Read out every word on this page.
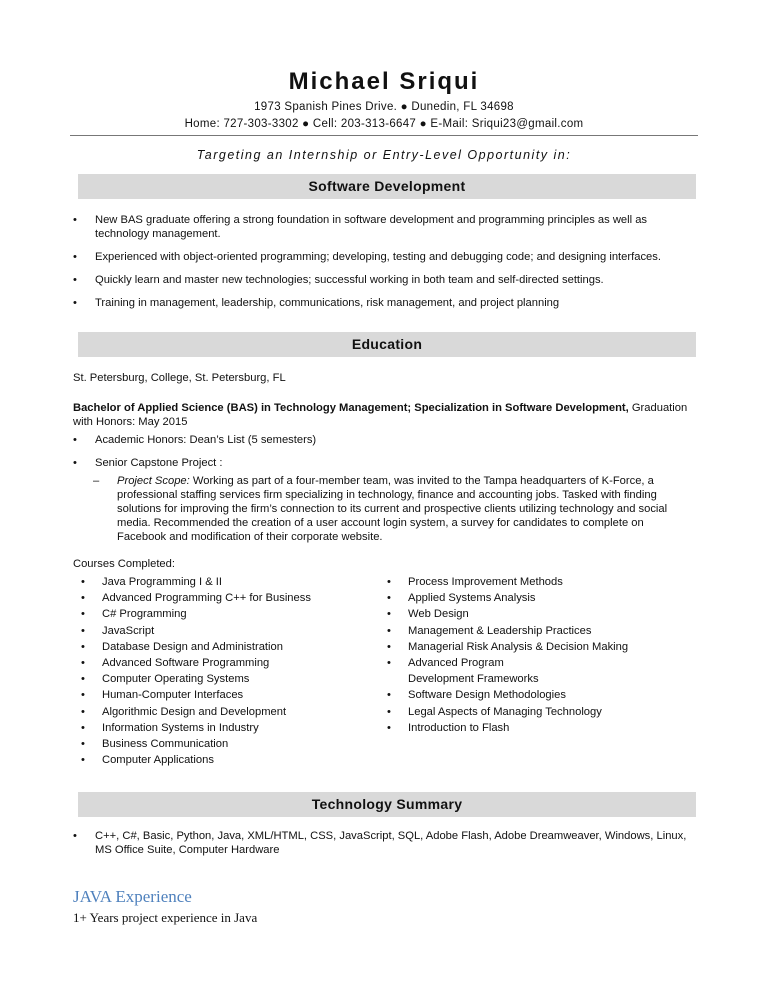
Michael Sriqui
1973 Spanish Pines Drive. ● Dunedin, FL 34698
Home: 727-303-3302 ● Cell: 203-313-6647 ● E-Mail: Sriqui23@gmail.com
Targeting an Internship or Entry-Level Opportunity in:
Software Development
• New BAS graduate offering a strong foundation in software development and programming principles as well as technology management.
• Experienced with object-oriented programming; developing, testing and debugging code; and designing interfaces.
• Quickly learn and master new technologies; successful working in both team and self-directed settings.
• Training in management, leadership, communications, risk management, and project planning
Education
St. Petersburg, College, St. Petersburg, FL
Bachelor of Applied Science (BAS) in Technology Management; Specialization in Software Development, Graduation with Honors: May 2015
• Academic Honors: Dean’s List (5 semesters)
• Senior Capstone Project :
– Project Scope: Working as part of a four-member team, was invited to the Tampa headquarters of K-Force, a professional staffing services firm specializing in technology, finance and accounting jobs. Tasked with finding solutions for improving the firm’s connection to its current and prospective clients utilizing technology and social media. Recommended the creation of a user account login system, a survey for candidates to complete on Facebook and modification of their corporate website.
Courses Completed:
• Java Programming I & II
• Advanced Programming C++ for Business
• C# Programming
• JavaScript
• Database Design and Administration
• Advanced Software Programming
• Computer Operating Systems
• Human-Computer Interfaces
• Algorithmic Design and Development
• Information Systems in Industry
• Business Communication
• Computer Applications
• Process Improvement Methods
• Applied Systems Analysis
• Web Design
• Management & Leadership Practices
• Managerial Risk Analysis & Decision Making
• Advanced Program Development Frameworks
• Software Design Methodologies
• Legal Aspects of Managing Technology
• Introduction to Flash
Technology Summary
• C++, C#, Basic, Python, Java, XML/HTML, CSS, JavaScript, SQL, Adobe Flash, Adobe Dreamweaver, Windows, Linux, MS Office Suite, Computer Hardware
JAVA Experience
1+ Years project experience in Java
